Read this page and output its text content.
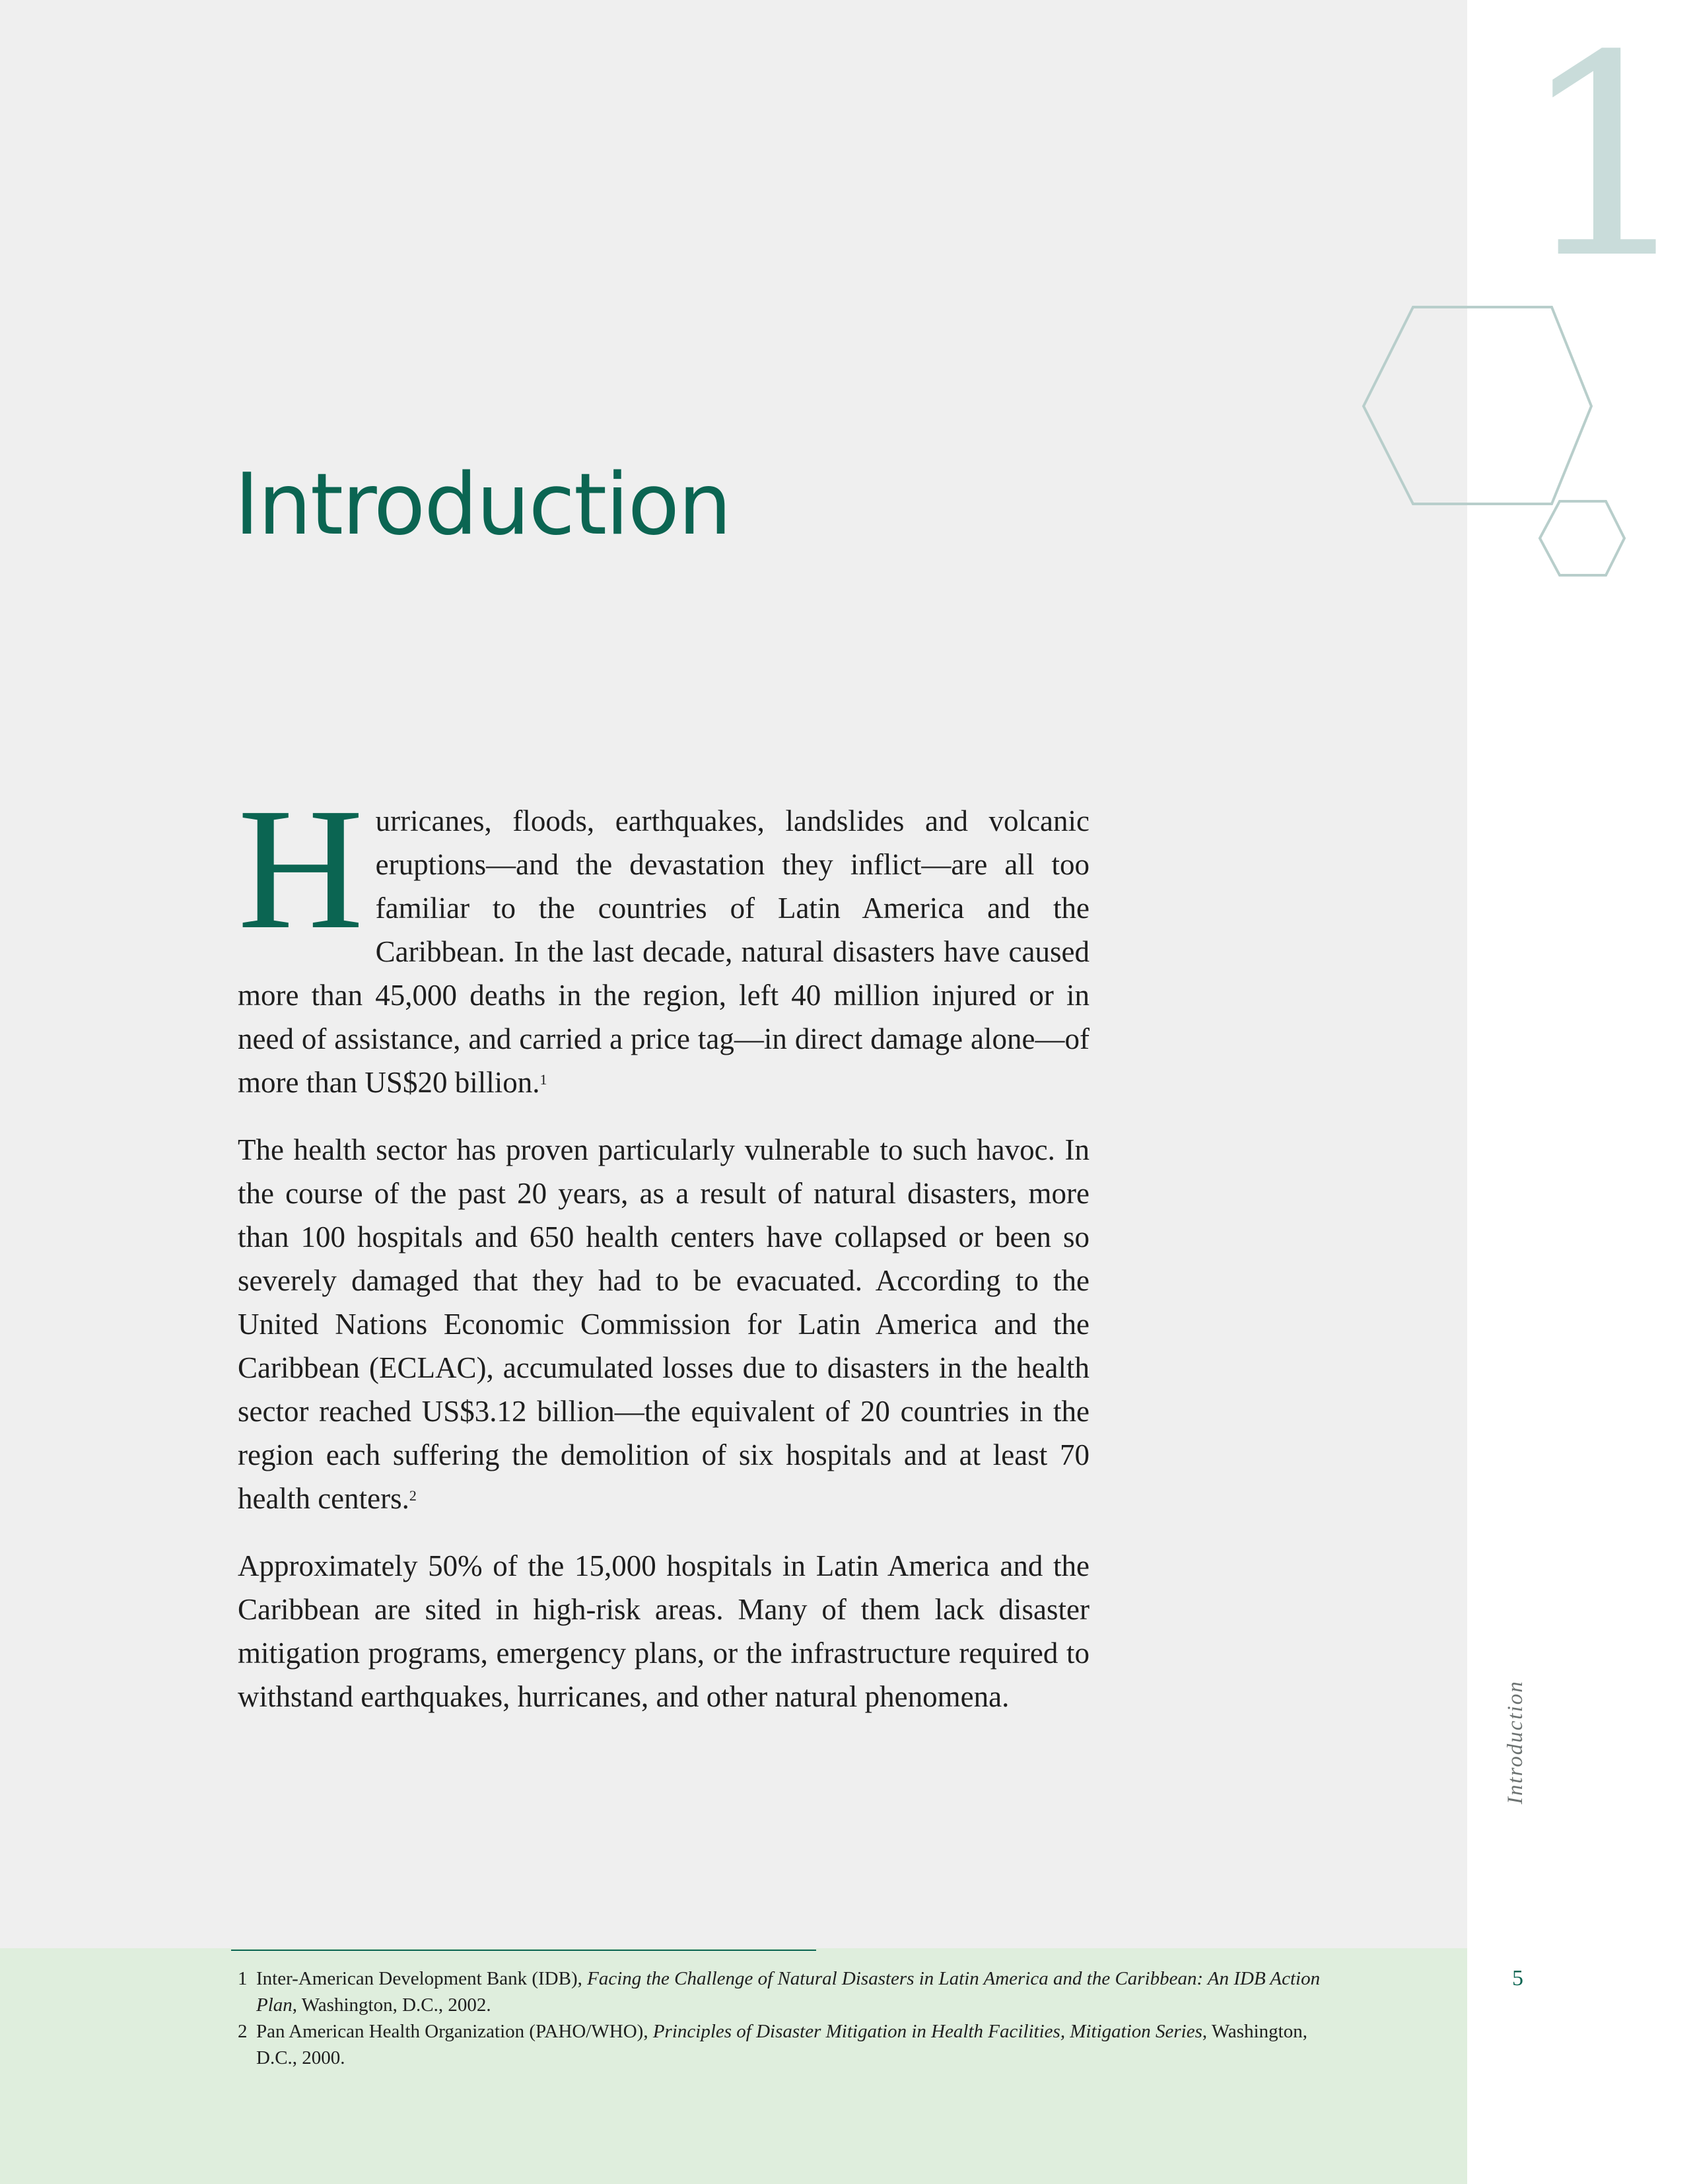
1
Introduction

Hurricanes, floods, earthquakes, landslides and volcanic eruptions—and the devastation they inflict—are all too familiar to the countries of Latin America and the Caribbean. In the last decade, natural disasters have caused more than 45,000 deaths in the region, left 40 million injured or in need of assistance, and carried a price tag—in direct damage alone—of more than US$20 billion.$^1$

The health sector has proven particularly vulnerable to such havoc. In the course of the past 20 years, as a result of natural disasters, more than 100 hospitals and 650 health centers have collapsed or been so severely damaged that they had to be evacuated. According to the United Nations Economic Commission for Latin America and the Caribbean (ECLAC), accumulated losses due to disasters in the health sector reached US$3.12 billion—the equivalent of 20 countries in the region each suffering the demolition of six hospitals and at least 70 health centers.$^2$

Approximately 50% of the 15,000 hospitals in Latin America and the Caribbean are sited in high-risk areas. Many of them lack disaster mitigation programs, emergency plans, or the infrastructure required to withstand earthquakes, hurricanes, and other natural phenomena.

1 Inter-American Development Bank (IDB), Facing the Challenge of Natural Disasters in Latin America and the Caribbean: An IDB Action Plan, Washington, D.C., 2002.
2 Pan American Health Organization (PAHO/WHO), Principles of Disaster Mitigation in Health Facilities, Mitigation Series, Washington, D.C., 2000.
Introduction
5
